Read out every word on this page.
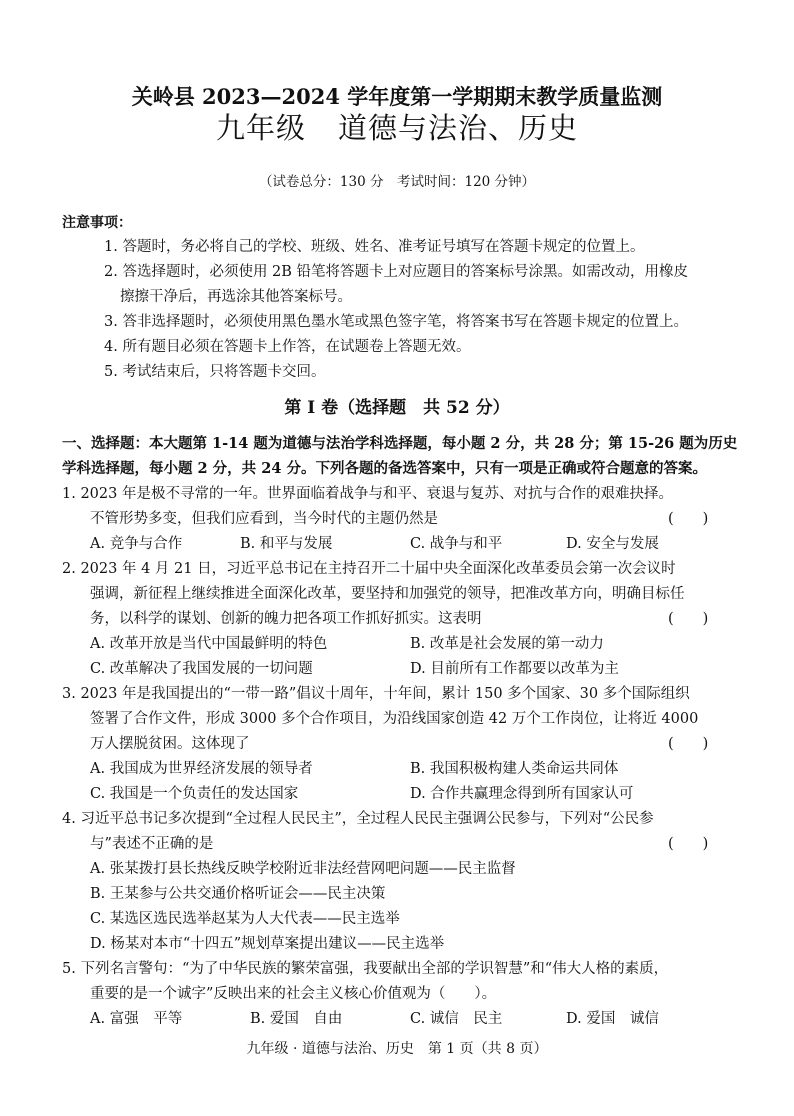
关岭县 2023—2024 学年度第一学期期末教学质量监测
九年级 道德与法治、历史
（试卷总分：130 分　考试时间：120 分钟）
注意事项：
1. 答题时，务必将自己的学校、班级、姓名、准考证号填写在答题卡规定的位置上。
2. 答选择题时，必须使用 2B 铅笔将答题卡上对应题目的答案标号涂黑。如需改动，用橡皮
擦擦干净后，再选涂其他答案标号。
3. 答非选择题时，必须使用黑色墨水笔或黑色签字笔，将答案书写在答题卡规定的位置上。
4. 所有题目必须在答题卡上作答，在试题卷上答题无效。
5. 考试结束后，只将答题卡交回。
第 Ⅰ 卷（选择题　共 52 分）
一、选择题：本大题第 1-14 题为道德与法治学科选择题，每小题 2 分，共 28 分；第 15-26 题为历史
学科选择题，每小题 2 分，共 24 分。下列各题的备选答案中，只有一项是正确或符合题意的答案。
1. 2023 年是极不寻常的一年。世界面临着战争与和平、衰退与复苏、对抗与合作的艰难抉择。
不管形势多变，但我们应看到，当今时代的主题仍然是	(　　)
A. 竞争与合作	B. 和平与发展	C. 战争与和平	D. 安全与发展
2. 2023 年 4 月 21 日，习近平总书记在主持召开二十届中央全面深化改革委员会第一次会议时
强调，新征程上继续推进全面深化改革，要坚持和加强党的领导，把准改革方向，明确目标任
务，以科学的谋划、创新的魄力把各项工作抓好抓实。这表明	(　　)
A. 改革开放是当代中国最鲜明的特色	B. 改革是社会发展的第一动力
C. 改革解决了我国发展的一切问题	D. 目前所有工作都要以改革为主
3. 2023 年是我国提出的“一带一路”倡议十周年，十年间，累计 150 多个国家、30 多个国际组织
签署了合作文件，形成 3000 多个合作项目，为沿线国家创造 42 万个工作岗位，让将近 4000
万人摆脱贫困。这体现了	(　　)
A. 我国成为世界经济发展的领导者	B. 我国积极构建人类命运共同体
C. 我国是一个负责任的发达国家	D. 合作共赢理念得到所有国家认可
4. 习近平总书记多次提到“全过程人民民主”，全过程人民民主强调公民参与，下列对“公民参
与”表述不正确的是	(　　)
A. 张某拨打县长热线反映学校附近非法经营网吧问题——民主监督
B. 王某参与公共交通价格听证会——民主决策
C. 某选区选民选举赵某为人大代表——民主选举
D. 杨某对本市“十四五”规划草案提出建议——民主选举
5. 下列名言警句：“为了中华民族的繁荣富强，我要献出全部的学识智慧”和“伟大人格的素质，
重要的是一个诚字”反映出来的社会主义核心价值观为（　　）。
A. 富强　平等	B. 爱国　自由	C. 诚信　民主	D. 爱国　诚信
九年级 · 道德与法治、历史 第 1 页（共 8 页）
